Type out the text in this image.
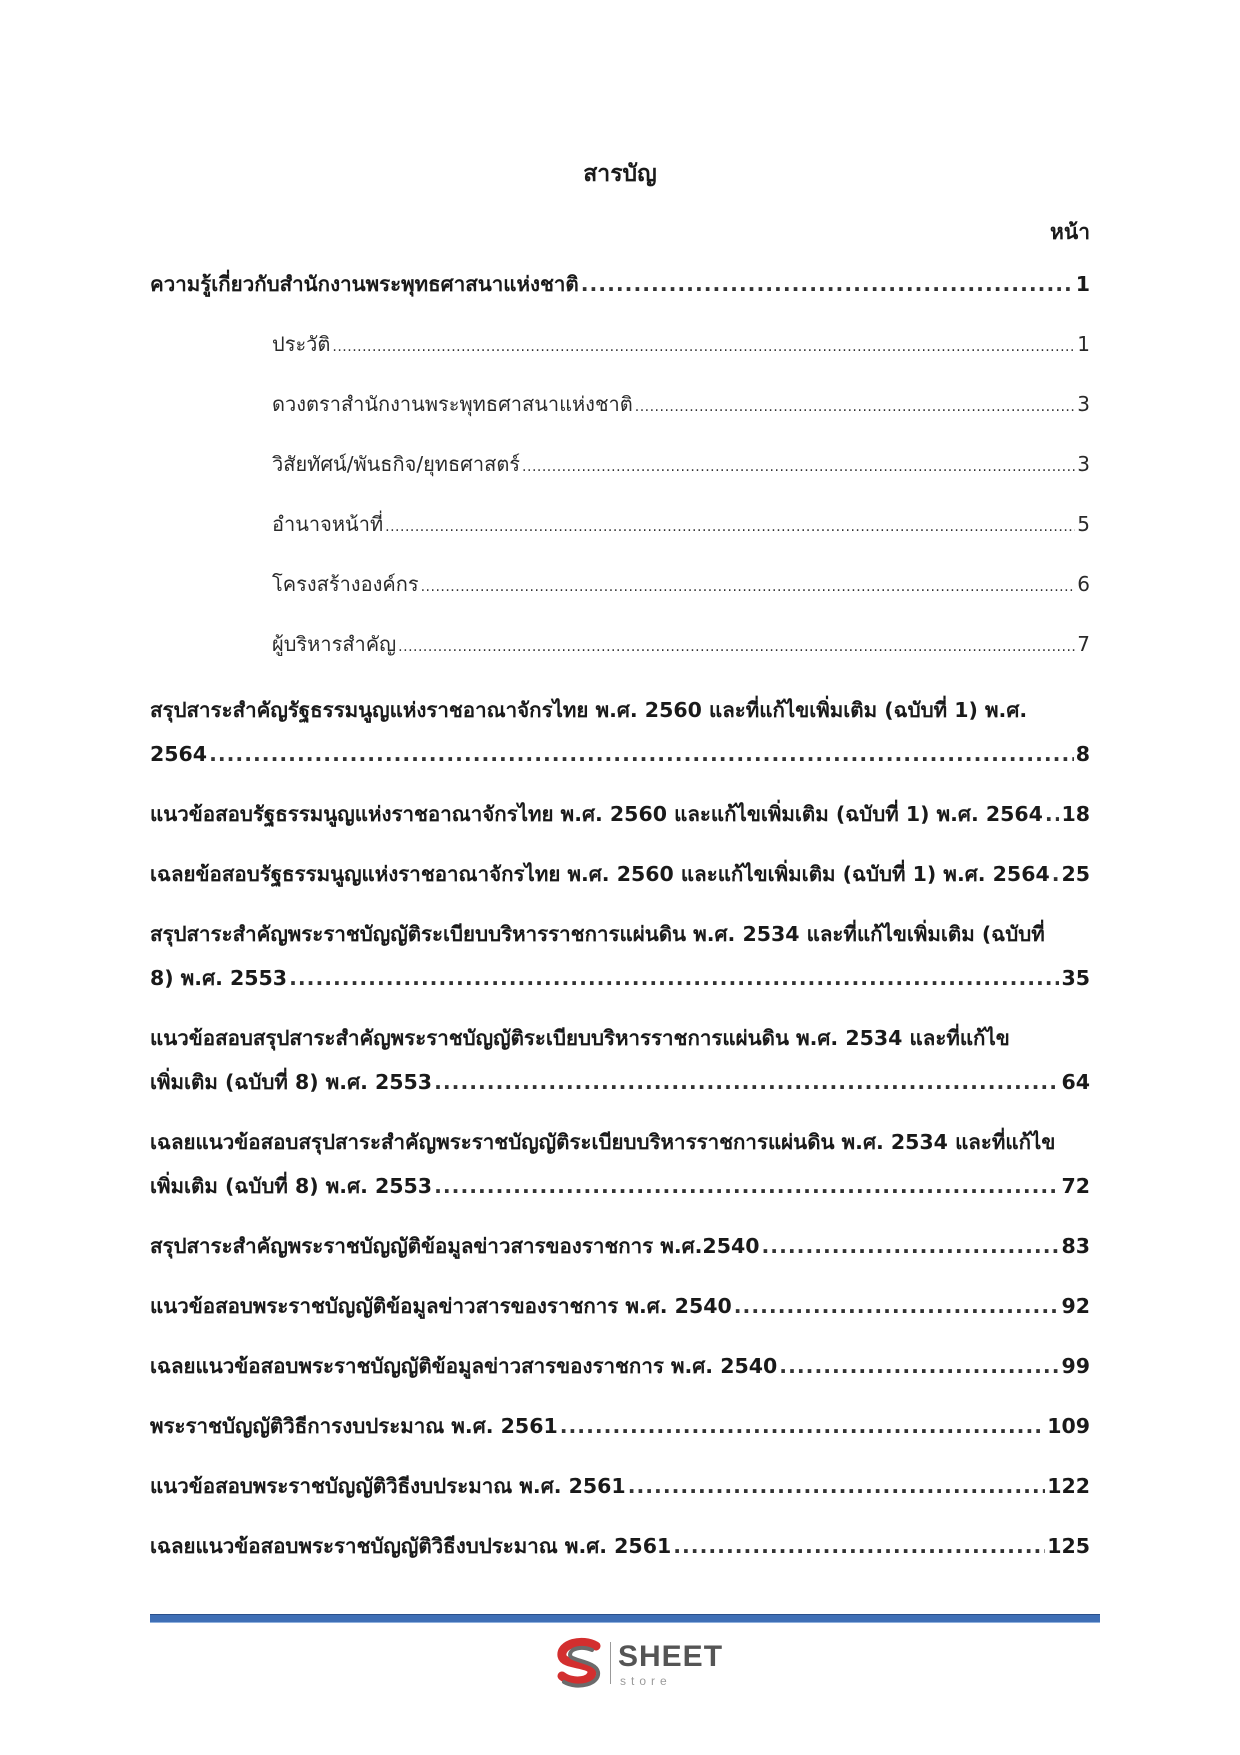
สารบัญ
หน้า
ความรู้เกี่ยวกับสำนักงานพระพุทธศาสนาแห่งชาติ .....	1
ประวัติ .....	1
ดวงตราสำนักงานพระพุทธศาสนาแห่งชาติ .....	3
วิสัยทัศน์/พันธกิจ/ยุทธศาสตร์ .....	3
อำนาจหน้าที่ .....	5
โครงสร้างองค์กร .....	6
ผู้บริหารสำคัญ .....	7
สรุปสาระสำคัญรัฐธรรมนูญแห่งราชอาณาจักรไทย พ.ศ. 2560 และที่แก้ไขเพิ่มเติม (ฉบับที่ 1) พ.ศ.
2564 .....	8
แนวข้อสอบรัฐธรรมนูญแห่งราชอาณาจักรไทย พ.ศ. 2560 และแก้ไขเพิ่มเติม (ฉบับที่ 1) พ.ศ. 2564 ..... 18
เฉลยข้อสอบรัฐธรรมนูญแห่งราชอาณาจักรไทย พ.ศ. 2560 และแก้ไขเพิ่มเติม (ฉบับที่ 1) พ.ศ. 2564 ..... 25
สรุปสาระสำคัญพระราชบัญญัติระเบียบบริหารราชการแผ่นดิน พ.ศ. 2534 และที่แก้ไขเพิ่มเติม (ฉบับที่
8) พ.ศ. 2553 .....	35
แนวข้อสอบสรุปสาระสำคัญพระราชบัญญัติระเบียบบริหารราชการแผ่นดิน พ.ศ. 2534 และที่แก้ไข
เพิ่มเติม (ฉบับที่ 8) พ.ศ. 2553 .....	64
เฉลยแนวข้อสอบสรุปสาระสำคัญพระราชบัญญัติระเบียบบริหารราชการแผ่นดิน พ.ศ. 2534 และที่แก้ไข
เพิ่มเติม (ฉบับที่ 8) พ.ศ. 2553 .....	72
สรุปสาระสำคัญพระราชบัญญัติข้อมูลข่าวสารของราชการ พ.ศ.2540 .....	83
แนวข้อสอบพระราชบัญญัติข้อมูลข่าวสารของราชการ พ.ศ. 2540 .....	92
เฉลยแนวข้อสอบพระราชบัญญัติข้อมูลข่าวสารของราชการ พ.ศ. 2540 .....	99
พระราชบัญญัติวิธีการงบประมาณ พ.ศ. 2561 .....	109
แนวข้อสอบพระราชบัญญัติวิธีงบประมาณ พ.ศ. 2561 .....	122
เฉลยแนวข้อสอบพระราชบัญญัติวิธีงบประมาณ พ.ศ. 2561 .....	125
SHEET
store
